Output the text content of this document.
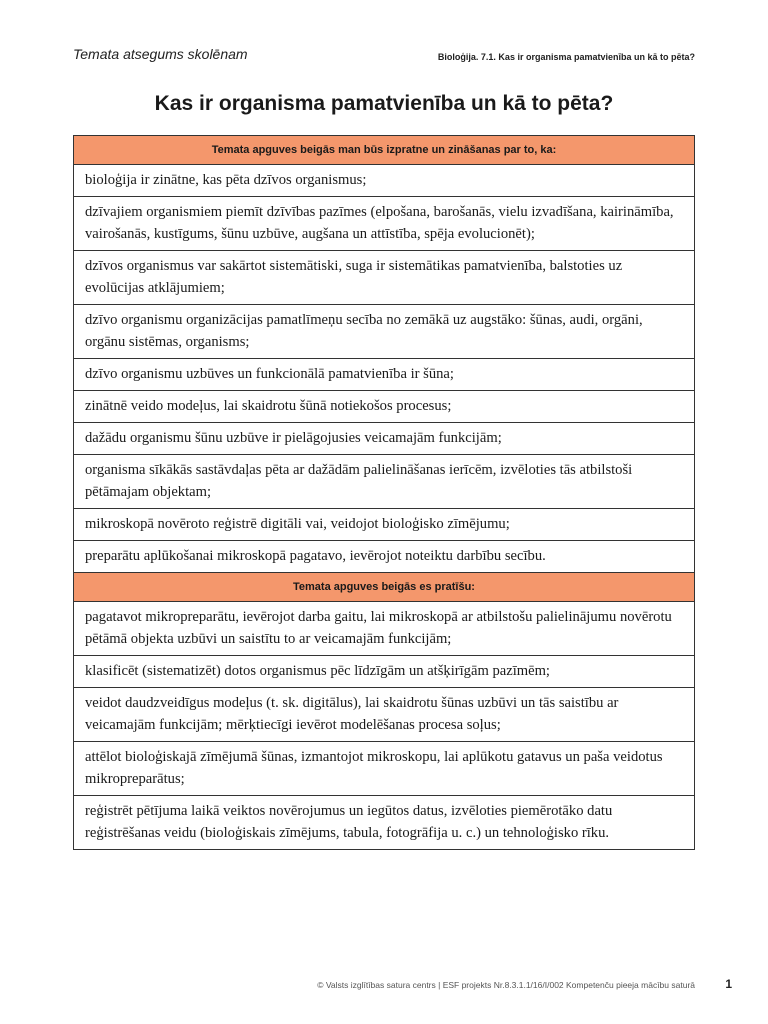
Temata atsegums skolēnam	Bioloģija. 7.1. Kas ir organisma pamatvienība un kā to pēta?
Kas ir organisma pamatvienība un kā to pēta?
Temata apguves beigās man būs izpratne un zināšanas par to, ka:
bioloģija ir zinātne, kas pēta dzīvos organismus;
dzīvajiem organismiem piemīt dzīvības pazīmes (elpošana, barošanās, vielu izvadīšana, kairināmība, vairošanās, kustīgums, šūnu uzbūve, augšana un attīstība, spēja evolucionēt);
dzīvos organismus var sakārtot sistemātiski, suga ir sistemātikas pamatvienība, balstoties uz evolūcijas atklājumiem;
dzīvo organismu organizācijas pamatlīmeņu secība no zemākā uz augstāko: šūnas, audi, orgāni, orgānu sistēmas, organisms;
dzīvo organismu uzbūves un funkcionālā pamatvienība ir šūna;
zinātnē veido modeļus, lai skaidrotu šūnā notiekošos procesus;
dažādu organismu šūnu uzbūve ir pielāgojusies veicamajām funkcijām;
organisma sīkākās sastāvdaļas pēta ar dažādām palielināšanas ierīcēm, izvēloties tās atbilstoši pētāmajam objektam;
mikroskopā novēroto reģistrē digitāli vai, veidojot bioloģisko zīmējumu;
preparātu aplūkošanai mikroskopā pagatavo, ievērojot noteiktu darbību secību.
Temata apguves beigās es pratīšu:
pagatavot mikropreparātu, ievērojot darba gaitu, lai mikroskopā ar atbilstošu palielinājumu novērotu pētāmā objekta uzbūvi un saistītu to ar veicamajām funkcijām;
klasificēt (sistematizēt) dotos organismus pēc līdzīgām un atšķirīgām pazīmēm;
veidot daudzveidīgus modeļus (t. sk. digitālus), lai skaidrotu šūnas uzbūvi un tās saistību ar veicamajām funkcijām; mērķtiecīgi ievērot modelēšanas procesa soļus;
attēlot bioloģiskajā zīmējumā šūnas, izmantojot mikroskopu, lai aplūkotu gatavus un paša veidotus mikropreparātus;
reģistrēt pētījuma laikā veiktos novērojumus un iegūtos datus, izvēloties piemērotāko datu reģistrēšanas veidu (bioloģiskais zīmējums, tabula, fotogrāfija u. c.) un tehnoloģisko rīku.
© Valsts izglītības satura centrs | ESF projekts Nr.8.3.1.1/16/I/002 Kompetenču pieeja mācību saturā	1
